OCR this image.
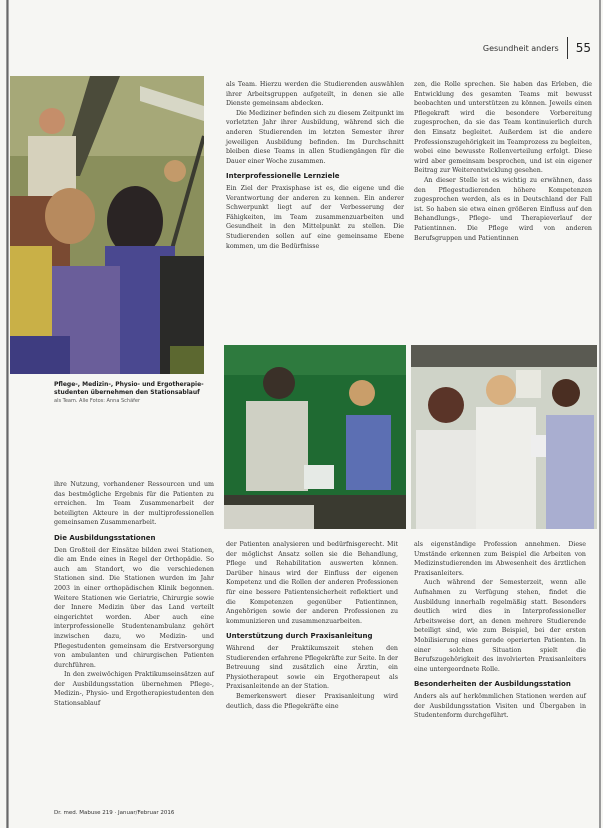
Gesundheit anders 55
Pflege-, Medizin-, Physio- und Ergotherapie-studenten übernehmen den Stationsablauf
als Team. Alle Fotos: Anna Schäfer

als Team. Hierzu werden die Studierenden auswählen ihrer Arbeitsgruppen aufgeteilt, in denen sie alle Dienste gemeinsam abdecken.

Die Mediziner befinden sich zu diesem Zeitpunkt im vorletzten Jahr ihrer Ausbildung, während sich die anderen Studierenden im letzten Semester ihrer jeweiligen Ausbildung befinden. Im Durchschnitt bleiben diese Teams in allen Studiengängen für die Dauer einer Woche zusammen.

Interprofessionelle Lernziele

Ein Ziel der Praxisphase ist es, die eigene und die Verantwortung der anderen zu kennen. Ein anderer Schwerpunkt liegt auf der Verbesserung der Fähigkeiten, im Team zusammenzuarbeiten und Gesundheit in den Mittelpunkt zu stellen. Die Studierenden sollen auf eine gemeinsame Ebene kommen, um die Bedürfnisse

zen, die Rolle sprechen. Sie haben das Erleben, die Entwicklung des gesamten Teams mit bewusst beobachten und unterstützen zu können. Jeweils einen Pflegekraft wird die besondere Vorbereitung zugesprochen, da sie das Team kontinuierlich durch den Einsatz begleitet. Außerdem ist die andere Professionszugehörigkeit im Teamprozess zu begleiten, wobei eine bewusste Rollenverteilung erfolgt. Diese wird aber gemeinsam besprochen, und ist ein eigener Beitrag zur Weiterentwicklung gesehen.

An dieser Stelle ist es wichtig zu erwähnen, dass den Pflegestudierenden höhere Kompetenzen zugesprochen werden, als es in Deutschland der Fall ist. So haben sie etwa einen größeren Einfluss auf den Behandlungs-, Pflege- und Therapieverlauf der Patientinnen. Die Pflege wird von anderen Berufsgruppen und Patientinnen

ihre Nutzung, vorhandener Ressourcen und um das bestmögliche Ergebnis für die Patienten zu erreichen. Im Team Zusammenarbeit der beteiligten Akteure in der multiprofessionellen gemeinsamen Zusammenarbeit.

Die Ausbildungsstationen

Den Großteil der Einsätze bilden zwei Stationen, die am Ende eines in Regel der Orthopädie. So auch am Standort, wo die verschiedenen Stationen sind. Die Stationen wurden im Jahr 2003 in einer orthopädischen Klinik begonnen. Weitere Stationen wie Geriatrie, Chirurgie sowie der Innere Medizin über das Land verteilt eingerichtet worden. Aber auch eine interprofessionelle Studentenambulanz gehört inzwischen dazu, wo Medizin- und Pflegestudenten gemeinsam die Erstversorgung von ambulanten und chirurgischen Patienten durchführen.

In den zweiwöchigen Praktikumseinsätzen auf der Ausbildungsstation übernehmen Pflege-, Medizin-, Physio- und Ergotherapiestudenten den Stationsablauf

der Patienten analysieren und bedürfnisgerecht. Mit der möglichst Ansatz sollen sie die Behandlung, Pflege und Rehabilitation auswerten können. Darüber hinaus wird der Einfluss der eigenen Kompetenz und die Rollen der anderen Professionen für eine bessere Patientensicherheit reflektiert und die Kompetenzen gegenüber Patientinnen, Angehörigen sowie der anderen Professionen zu kommunizieren und zusammenzuarbeiten.

Unterstützung durch Praxisanleitung

Während der Praktikumszeit stehen den Studierenden erfahrene Pflegekräfte zur Seite. In der Betreuung sind zusätzlich eine Ärztin, ein Physiotherapeut sowie ein Ergotherapeut als Praxisanleitende an der Station.

Bemerkenswert dieser Praxisanleitung wird deutlich, dass die Pflegekräfte eine

als eigenständige Profession annehmen. Diese Umstände erkennen zum Beispiel die Arbeiten von Medizinstudierenden im Abwesenheit des ärztlichen Praxisanleiters.

Auch während der Semesterzeit, wenn alle Aufnahmen zu Verfügung stehen, findet die Ausbildung innerhalb regelmäßig statt. Besonders deutlich wird dies in Interprofessioneller Arbeitsweise dort, an denen mehrere Studierende beteiligt sind, wie zum Beispiel, bei der ersten Mobilisierung eines gerade operierten Patienten. In einer solchen Situation spielt die Berufszugehörigkeit des involvierten Praxisanleiters eine untergeordnete Rolle.

Besonderheiten der Ausbildungsstation

Anders als auf herkömmlichen Stationen werden auf der Ausbildungsstation Visiten und Übergaben in Studentenform durchgeführt.

Dr. med. Mabuse 219 · Januar/Februar 2016
